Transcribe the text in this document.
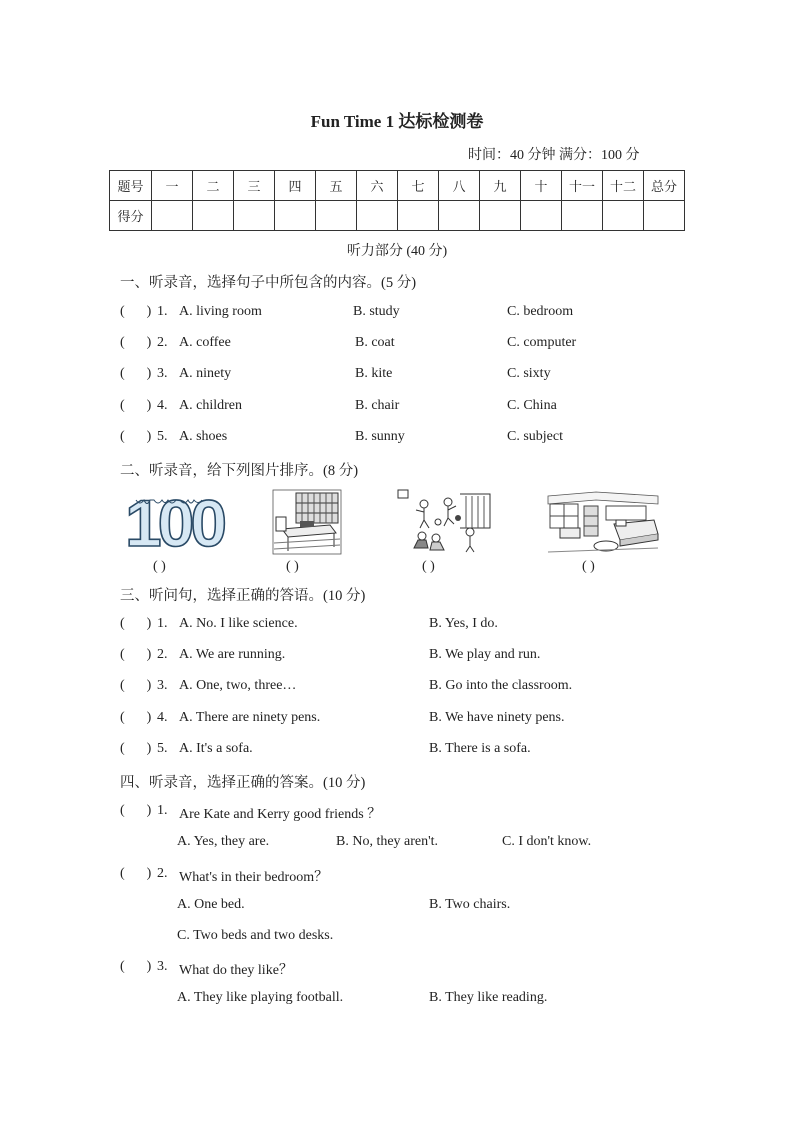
Fun Time 1 达标检测卷
时间：40 分钟 满分：100 分
题号	一	二	三	四	五	六	七	八	九	十	十一	十二	总分
得分													
听力部分 (40 分)
一、听录音，选择句子中所包含的内容。(5 分)
( ) 1. A. living room	B. study	C. bedroom
( ) 2. A. coffee	B. coat	C. computer
( ) 3. A. ninety	B. kite	C. sixty
( ) 4. A. children	B. chair	C. China
( ) 5. A. shoes	B. sunny	C. subject
二、听录音，给下列图片排序。(8 分)
100
( )	( )	( )	( )
三、听问句，选择正确的答语。(10 分)
( ) 1. A. No. I like science.	B. Yes, I do.
( ) 2. A. We are running.	B. We play and run.
( ) 3. A. One, two, three…	B. Go into the classroom.
( ) 4. A. There are ninety pens.	B. We have ninety pens.
( ) 5. A. It's a sofa.	B. There is a sofa.
四、听录音，选择正确的答案。(10 分)
( ) 1. Are Kate and Kerry good friends ？
A. Yes, they are.	B. No, they aren't.	C. I don't know.
( ) 2. What's in their bedroom？
A. One bed.	B. Two chairs.
C. Two beds and two desks.
( ) 3. What do they like？
A. They like playing football.	B. They like reading.
